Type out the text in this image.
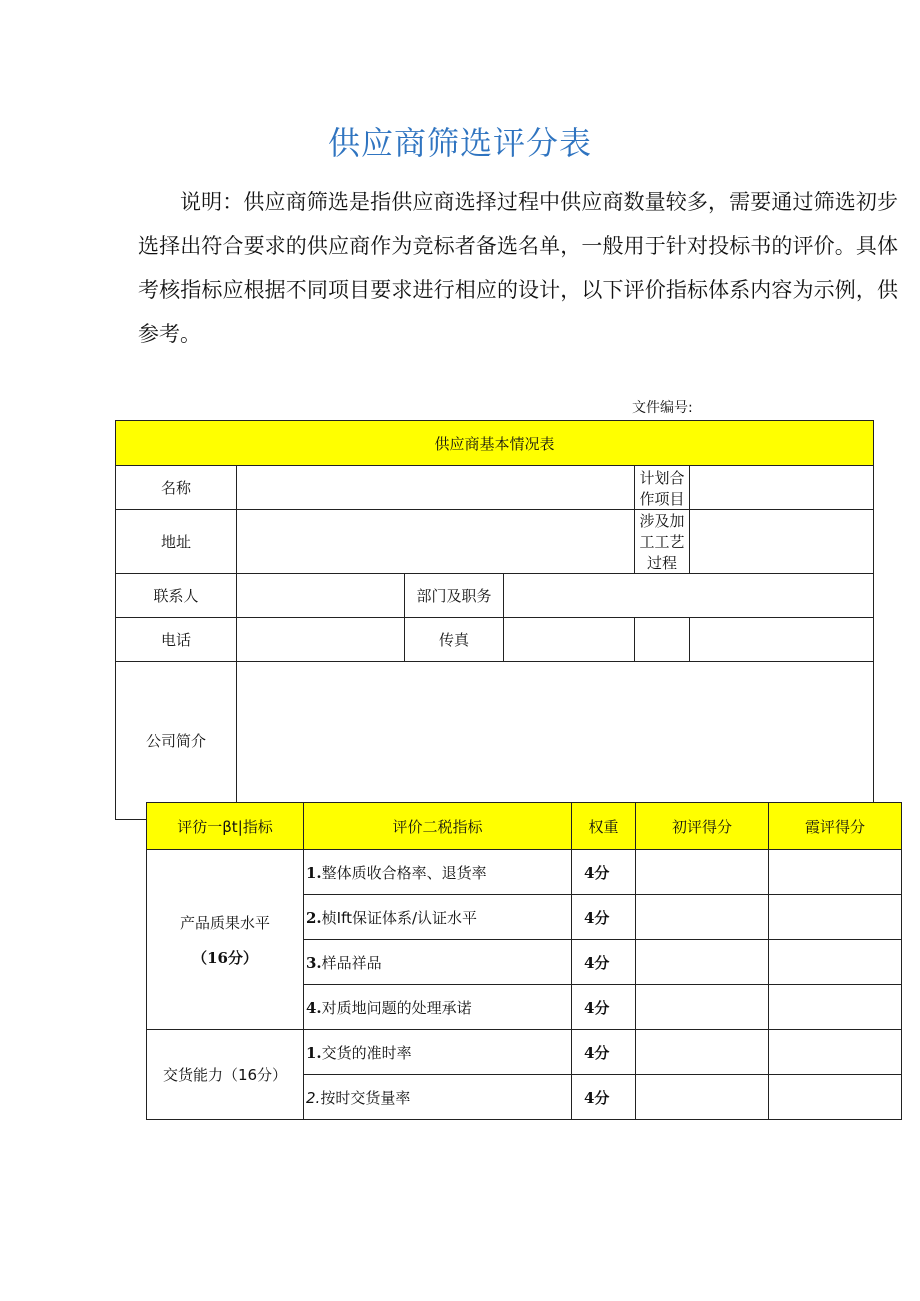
供应商筛选评分表

说明：供应商筛选是指供应商选择过程中供应商数量较多，需要通过筛选初步选择出符合要求的供应商作为竞标者备选名单，一般用于针对投标书的评价。具体考核指标应根据不同项目要求进行相应的设计，以下评价指标体系内容为示例，供参考。

文件编号:
供应商基本情况表					
名称				计划合作项目	
地址				涉及加工工艺过程	
联系人		部门及职务			
电话		传真			
公司简介					
评彷一βt|指标	评价二税指标	权重	初评得分	霞评得分

产品质果水平
（16分）	1.整体质收合格率、退货率	4分		
	2.桢Ift保证体系/认证水平	4分		
	3.样品祥品	4分		
	4.对质地问题的处理承诺	4分		
交货能力（16分）	1.交货的准时率	4分		
	2.按时交货量率	4分		
